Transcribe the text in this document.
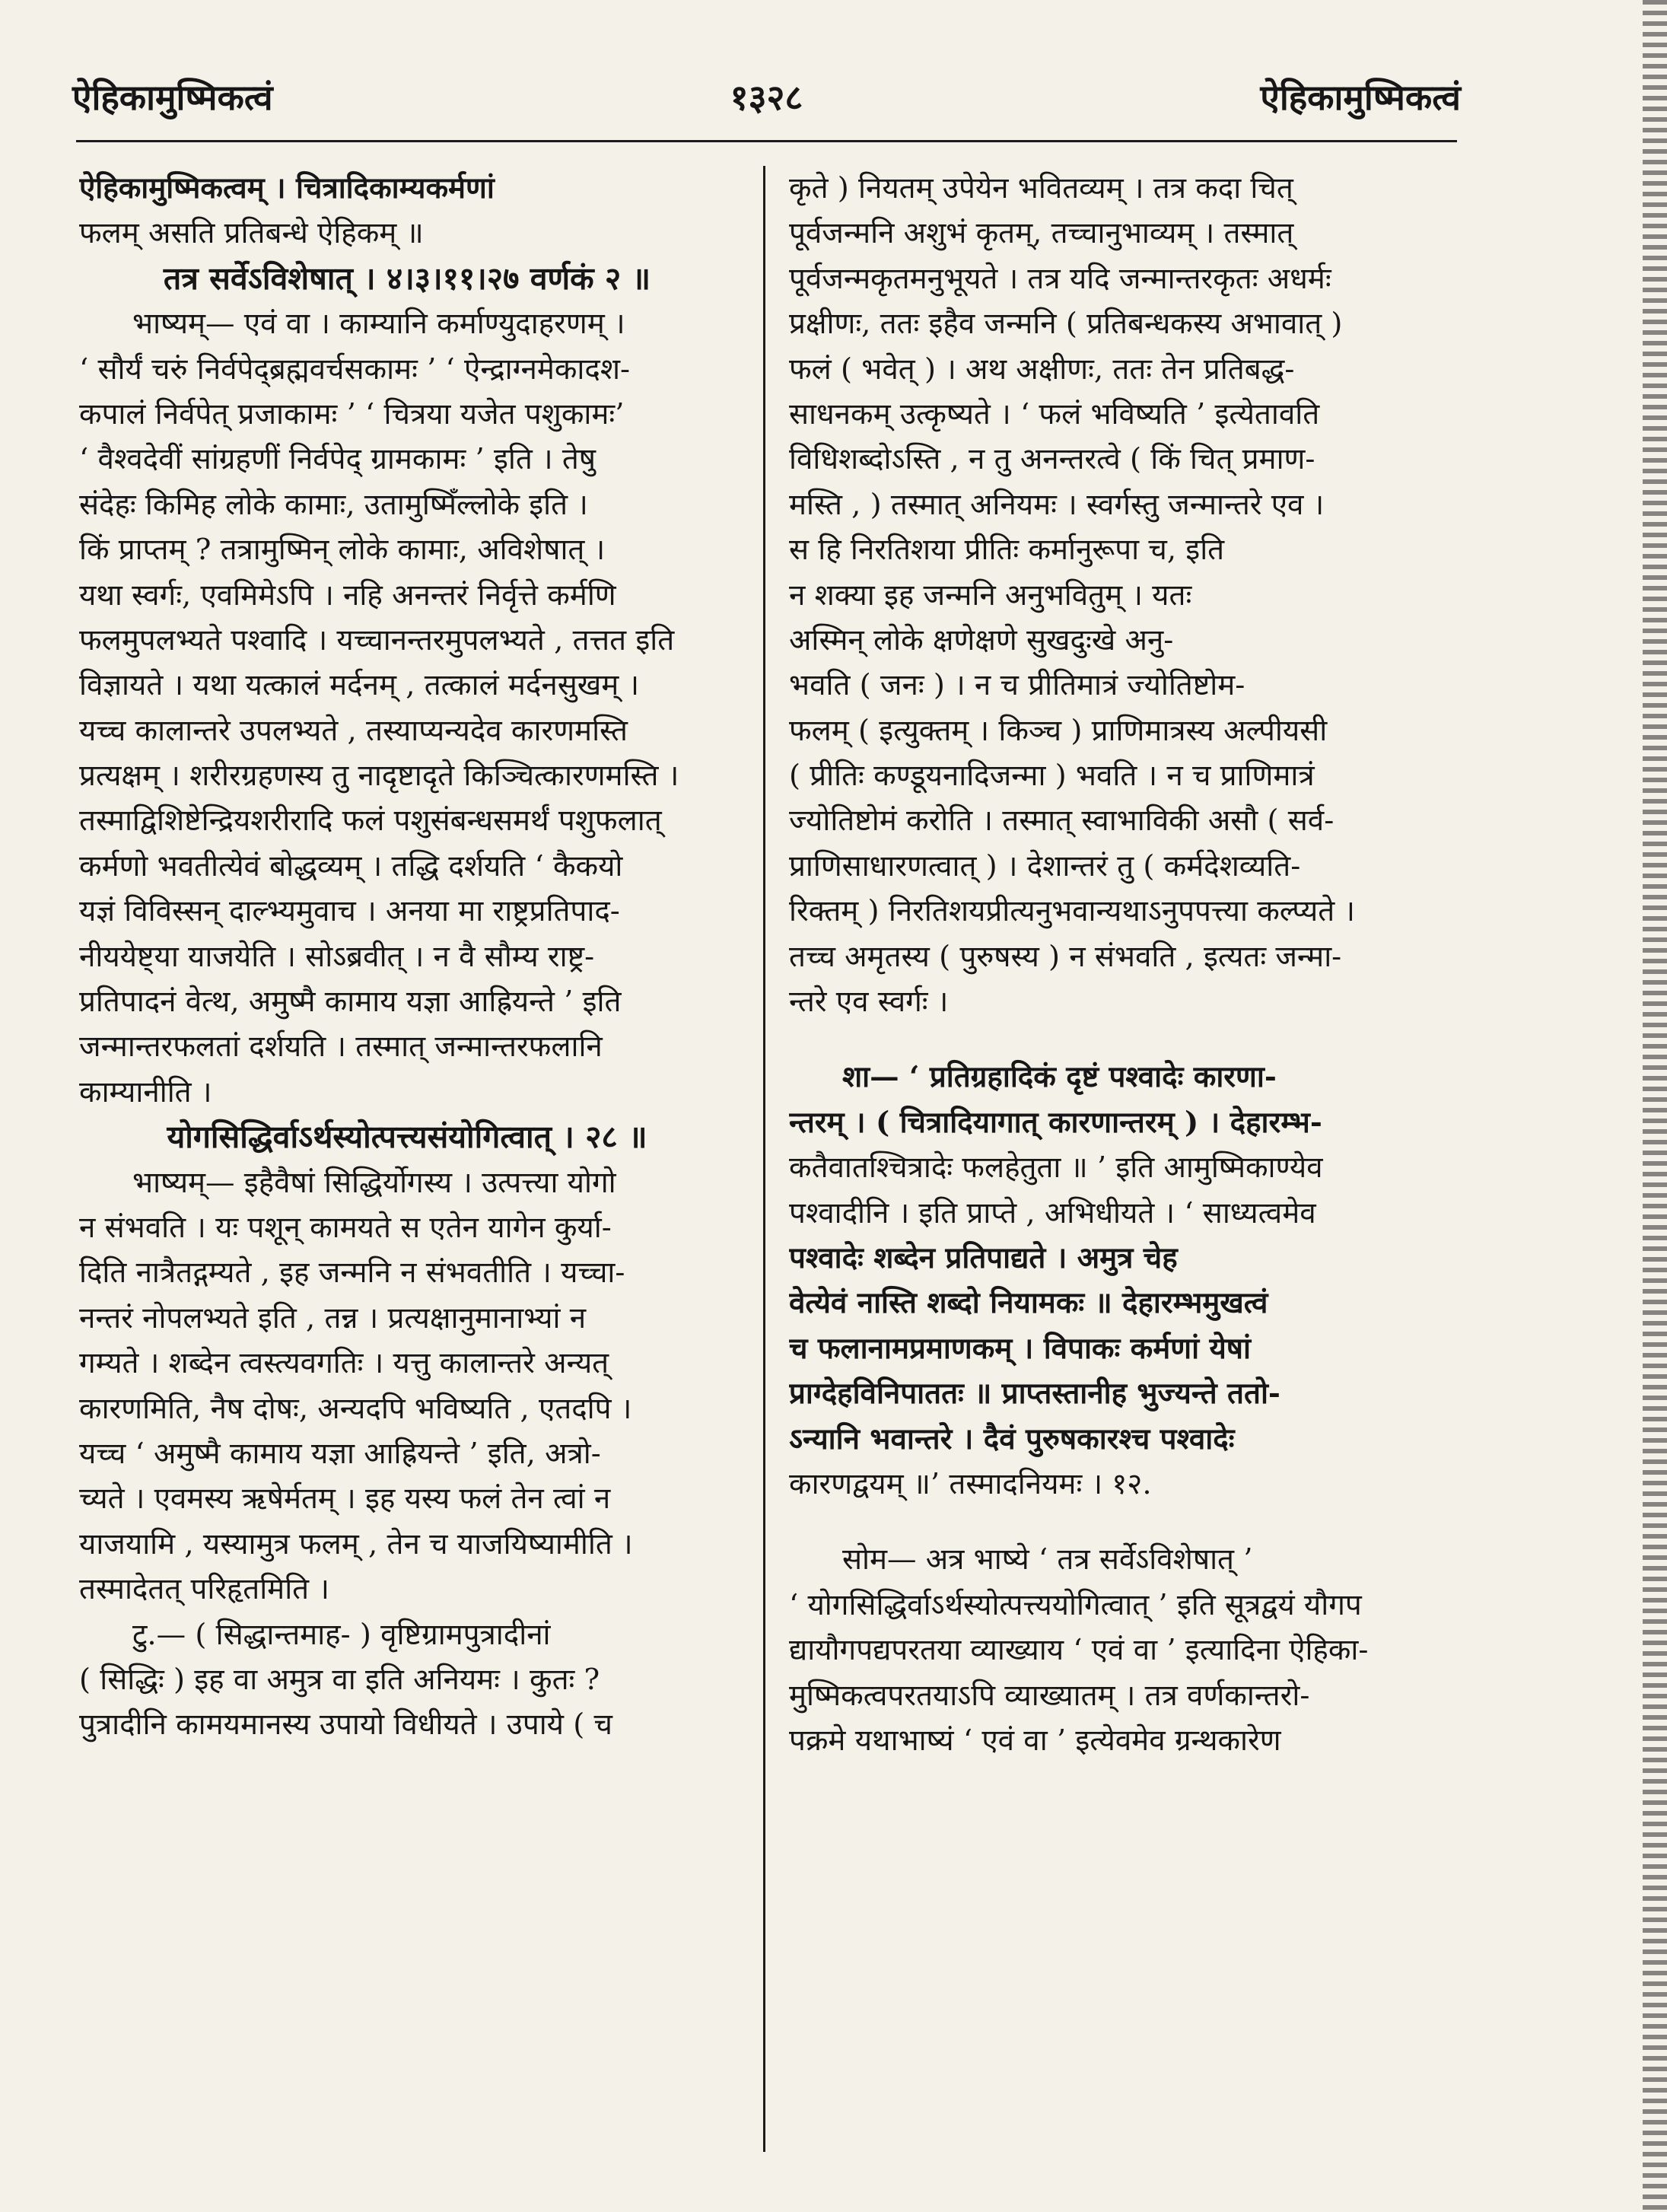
ऐहिकामुष्मिकत्वं	१३२८	ऐहिकामुष्मिकत्वं
ऐहिकामुष्मिकत्वम् । चित्रादिकाम्यकर्मणां
फलम् असति प्रतिबन्धे ऐहिकम् ॥
तत्र सर्वेऽविशेषात् । ४।३।११।२७ वर्णकं २ ॥
भाष्यम्— एवं वा । काम्यानि कर्माण्युदाहरणम् ।
‘ सौर्यं चरुं निर्वपेद्ब्रह्मवर्चसकामः ’ ‘ ऐन्द्राग्नमेकादश-
कपालं निर्वपेत् प्रजाकामः ’ ‘ चित्रया यजेत पशुकामः’
‘ वैश्वदेवीं सांग्रहणीं निर्वपेद् ग्रामकामः ’ इति । तेषु
संदेहः किमिह लोके कामाः, उतामुष्मिँल्लोके इति ।
किं प्राप्तम् ? तत्रामुष्मिन् लोके कामाः, अविशेषात् ।
यथा स्वर्गः, एवमिमेऽपि । नहि अनन्तरं निर्वृत्ते कर्मणि
फलमुपलभ्यते पश्वादि । यच्चानन्तरमुपलभ्यते , तत्तत इति
विज्ञायते । यथा यत्कालं मर्दनम् , तत्कालं मर्दनसुखम् ।
यच्च कालान्तरे उपलभ्यते , तस्याप्यन्यदेव कारणमस्ति
प्रत्यक्षम् । शरीरग्रहणस्य तु नादृष्टादृते किञ्चित्कारणमस्ति ।
तस्माद्विशिष्टेन्द्रियशरीरादि फलं पशुसंबन्धसमर्थं पशुफलात्
कर्मणो भवतीत्येवं बोद्धव्यम् । तद्धि दर्शयति ‘ कैकयो
यज्ञं विविस्सन् दाल्भ्यमुवाच । अनया मा राष्ट्रप्रतिपाद-
नीययेष्ट्या याजयेति । सोऽब्रवीत् । न वै सौम्य राष्ट्र-
प्रतिपादनं वेत्थ, अमुष्मै कामाय यज्ञा आह्रियन्ते ’ इति
जन्मान्तरफलतां दर्शयति । तस्मात् जन्मान्तरफलानि
काम्यानीति ।
योगसिद्धिर्वाऽर्थस्योत्पत्त्यसंयोगित्वात् । २८ ॥
भाष्यम्— इहैवैषां सिद्धिर्योगस्य । उत्पत्त्या योगो
न संभवति । यः पशून् कामयते स एतेन यागेन कुर्या-
दिति नात्रैतद्गम्यते , इह जन्मनि न संभवतीति । यच्चा-
नन्तरं नोपलभ्यते इति , तन्न । प्रत्यक्षानुमानाभ्यां न
गम्यते । शब्देन त्वस्त्यवगतिः । यत्तु कालान्तरे अन्यत्
कारणमिति, नैष दोषः, अन्यदपि भविष्यति , एतदपि ।
यच्च ‘ अमुष्मै कामाय यज्ञा आह्रियन्ते ’ इति, अत्रो-
च्यते । एवमस्य ऋषेर्मतम् । इह यस्य फलं तेन त्वां न
याजयामि , यस्यामुत्र फलम् , तेन च याजयिष्यामीति ।
तस्मादेतत् परिहृतमिति ।
टु.— ( सिद्धान्तमाह- ) वृष्टिग्रामपुत्रादीनां
( सिद्धिः ) इह वा अमुत्र वा इति अनियमः । कुतः ?
पुत्रादीनि कामयमानस्य उपायो विधीयते । उपाये ( च
कृते ) नियतम् उपेयेन भवितव्यम् । तत्र कदा चित्
पूर्वजन्मनि अशुभं कृतम्, तच्चानुभाव्यम् । तस्मात्
पूर्वजन्मकृतमनुभूयते । तत्र यदि जन्मान्तरकृतः अधर्मः
प्रक्षीणः, ततः इहैव जन्मनि ( प्रतिबन्धकस्य अभावात् )
फलं ( भवेत् ) । अथ अक्षीणः, ततः तेन प्रतिबद्ध-
साधनकम् उत्कृष्यते । ‘ फलं भविष्यति ’ इत्येतावति
विधिशब्दोऽस्ति , न तु अनन्तरत्वे ( किं चित् प्रमाण-
मस्ति , ) तस्मात् अनियमः । स्वर्गस्तु जन्मान्तरे एव ।
स हि निरतिशया प्रीतिः कर्मानुरूपा च, इति
न शक्या इह जन्मनि अनुभवितुम् । यतः
अस्मिन् लोके क्षणेक्षणे सुखदुःखे अनु-
भवति ( जनः ) । न च प्रीतिमात्रं ज्योतिष्टोम-
फलम् ( इत्युक्तम् । किञ्च ) प्राणिमात्रस्य अल्पीयसी
( प्रीतिः कण्डूयनादिजन्मा ) भवति । न च प्राणिमात्रं
ज्योतिष्टोमं करोति । तस्मात् स्वाभाविकी असौ ( सर्व-
प्राणिसाधारणत्वात् ) । देशान्तरं तु ( कर्मदेशव्यति-
रिक्तम् ) निरतिशयप्रीत्यनुभवान्यथाऽनुपपत्त्या कल्प्यते ।
तच्च अमृतस्य ( पुरुषस्य ) न संभवति , इत्यतः जन्मा-
न्तरे एव स्वर्गः ।
शा— ‘ प्रतिग्रहादिकं दृष्टं पश्वादेः कारणा-
न्तरम् । ( चित्रादियागात् कारणान्तरम् ) । देहारम्भ-
कतैवातश्चित्रादेः फलहेतुता ॥ ’ इति आमुष्मिकाण्येव
पश्वादीनि । इति प्राप्ते , अभिधीयते । ‘ साध्यत्वमेव
पश्वादेः शब्देन प्रतिपाद्यते । अमुत्र चेह
वेत्येवं नास्ति शब्दो नियामकः ॥ देहारम्भमुखत्वं
च फलानामप्रमाणकम् । विपाकः कर्मणां येषां
प्राग्देहविनिपाततः ॥ प्राप्तस्तानीह भुज्यन्ते ततो-
ऽन्यानि भवान्तरे । दैवं पुरुषकारश्च पश्वादेः
कारणद्वयम् ॥’ तस्मादनियमः । १२.
सोम— अत्र भाष्ये ‘ तत्र सर्वेऽविशेषात् ’
‘ योगसिद्धिर्वाऽर्थस्योत्पत्त्ययोगित्वात् ’ इति सूत्रद्वयं यौगप
द्यायौगपद्यपरतया व्याख्याय ‘ एवं वा ’ इत्यादिना ऐहिका-
मुष्मिकत्वपरतयाऽपि व्याख्यातम् । तत्र वर्णकान्तरो-
पक्रमे यथाभाष्यं ‘ एवं वा ’ इत्येवमेव ग्रन्थकारेण
